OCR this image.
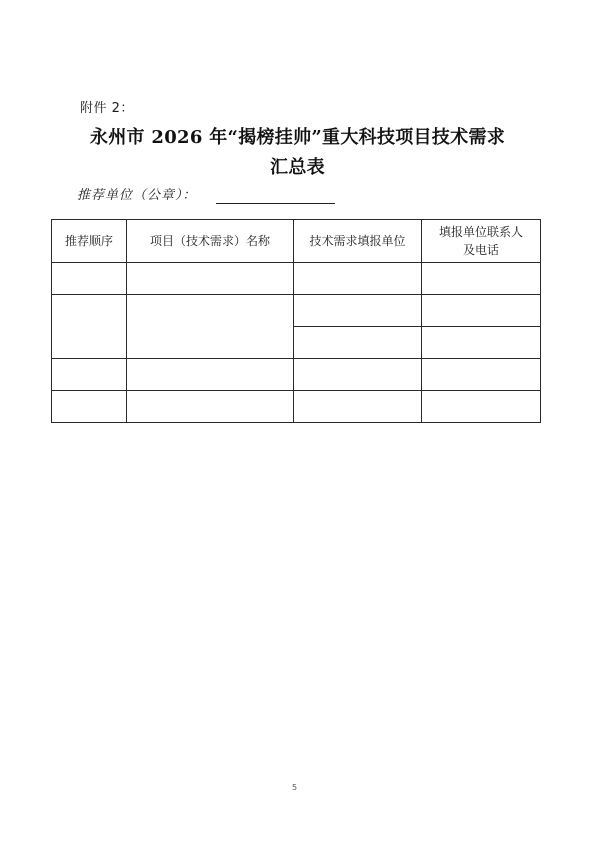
附件 2：
永州市 2026 年“揭榜挂帅”重大科技项目技术需求
汇总表
推荐单位（公章）：
推荐顺序	项目（技术需求）名称	技术需求填报单位	填报单位联系人
及电话

5
